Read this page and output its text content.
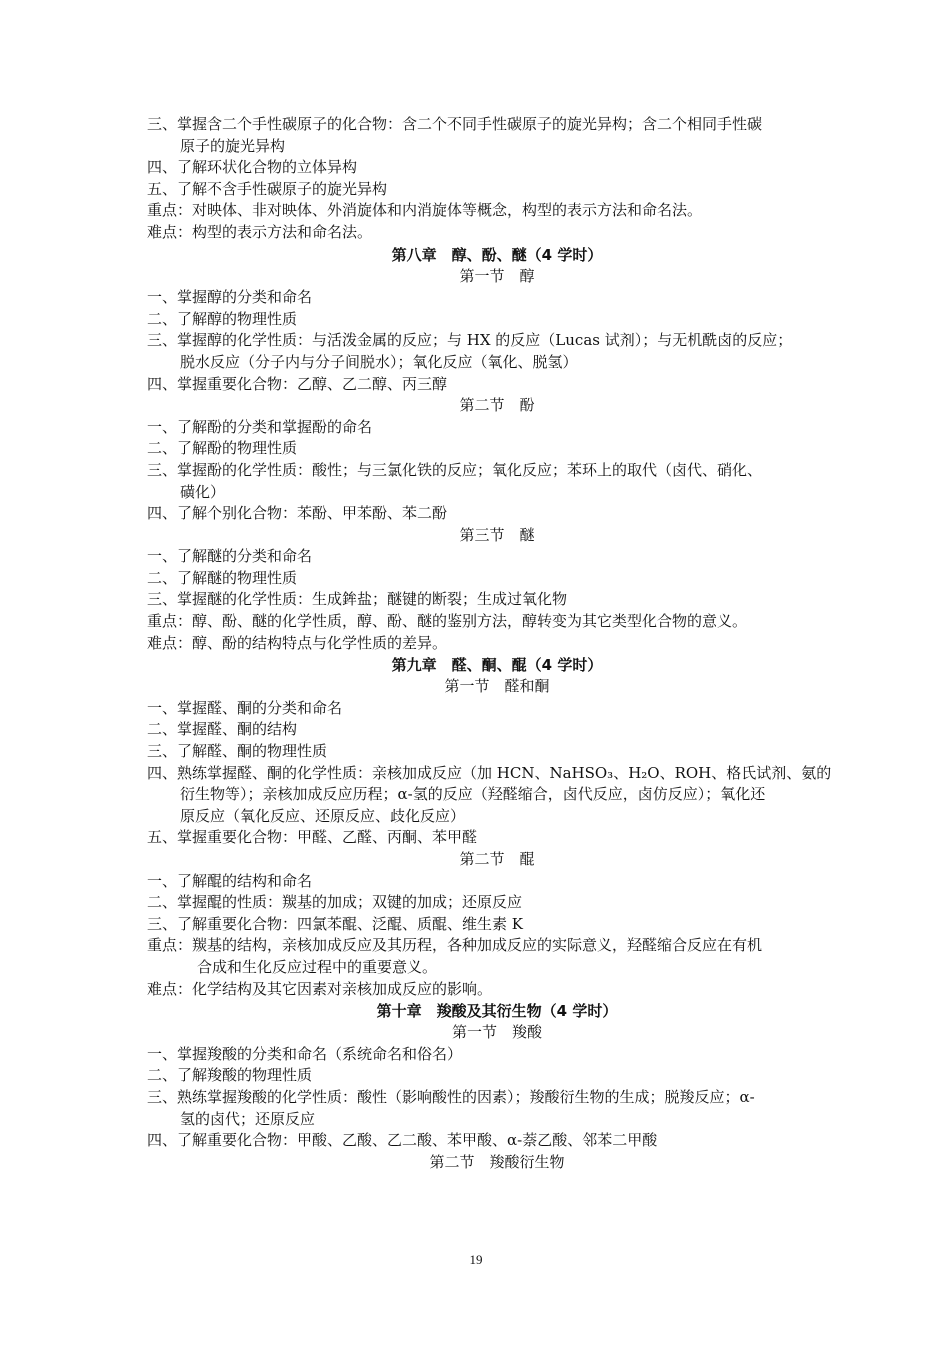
三、掌握含二个手性碳原子的化合物：含二个不同手性碳原子的旋光异构；含二个相同手性碳
原子的旋光异构
四、了解环状化合物的立体异构
五、了解不含手性碳原子的旋光异构
重点：对映体、非对映体、外消旋体和内消旋体等概念，构型的表示方法和命名法。
难点：构型的表示方法和命名法。
第八章　醇、酚、醚（4 学时）
第一节　醇
一、掌握醇的分类和命名
二、了解醇的物理性质
三、掌握醇的化学性质：与活泼金属的反应；与 HX 的反应（Lucas 试剂）；与无机酰卤的反应；
脱水反应（分子内与分子间脱水）；氧化反应（氧化、脱氢）
四、掌握重要化合物：乙醇、乙二醇、丙三醇
第二节　酚
一、了解酚的分类和掌握酚的命名
二、了解酚的物理性质
三、掌握酚的化学性质：酸性；与三氯化铁的反应；氧化反应；苯环上的取代（卤代、硝化、
磺化）
四、了解个别化合物：苯酚、甲苯酚、苯二酚
第三节　醚
一、了解醚的分类和命名
二、了解醚的物理性质
三、掌握醚的化学性质：生成鉾盐；醚键的断裂；生成过氧化物
重点：醇、酚、醚的化学性质，醇、酚、醚的鉴别方法，醇转变为其它类型化合物的意义。
难点：醇、酚的结构特点与化学性质的差异。
第九章　醛、酮、醌（4 学时）
第一节　醛和酮
一、掌握醛、酮的分类和命名
二、掌握醛、酮的结构
三、了解醛、酮的物理性质
四、熟练掌握醛、酮的化学性质：亲核加成反应（加 HCN、NaHSO₃、H₂O、ROH、格氏试剂、氨的
衍生物等）；亲核加成反应历程；α-氢的反应（羟醛缩合，卤代反应，卤仿反应）；氧化还
原反应（氧化反应、还原反应、歧化反应）
五、掌握重要化合物：甲醛、乙醛、丙酮、苯甲醛
第二节　醌
一、了解醌的结构和命名
二、掌握醌的性质：羰基的加成；双键的加成；还原反应
三、了解重要化合物：四氯苯醌、泛醌、质醌、维生素 K
重点：羰基的结构，亲核加成反应及其历程，各种加成反应的实际意义，羟醛缩合反应在有机
合成和生化反应过程中的重要意义。
难点：化学结构及其它因素对亲核加成反应的影响。
第十章　羧酸及其衍生物（4 学时）
第一节　羧酸
一、掌握羧酸的分类和命名（系统命名和俗名）
二、了解羧酸的物理性质
三、熟练掌握羧酸的化学性质：酸性（影响酸性的因素）；羧酸衍生物的生成；脱羧反应；α-
氢的卤代；还原反应
四、了解重要化合物：甲酸、乙酸、乙二酸、苯甲酸、α-萘乙酸、邻苯二甲酸
第二节　羧酸衍生物
19
